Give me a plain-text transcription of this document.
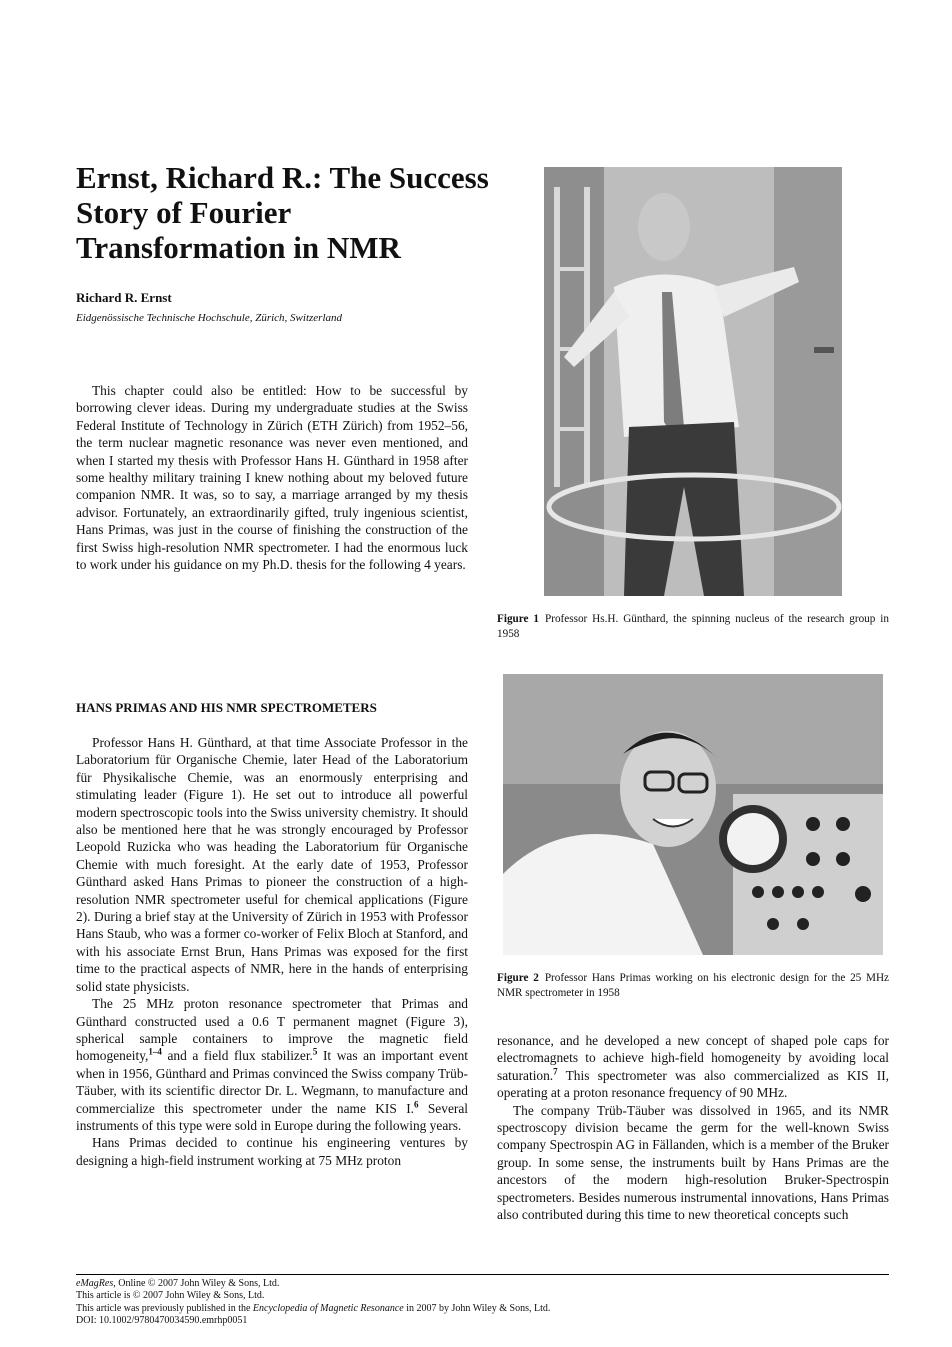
Ernst, Richard R.: The Success Story of Fourier Transformation in NMR
Richard R. Ernst
Eidgenössische Technische Hochschule, Zürich, Switzerland

This chapter could also be entitled: How to be successful by borrowing clever ideas. During my undergraduate studies at the Swiss Federal Institute of Technology in Zürich (ETH Zürich) from 1952–56, the term nuclear magnetic resonance was never even mentioned, and when I started my thesis with Professor Hans H. Günthard in 1958 after some healthy military training I knew nothing about my beloved future companion NMR. It was, so to say, a marriage arranged by my thesis advisor. Fortunately, an extraordinarily gifted, truly ingenious scientist, Hans Primas, was just in the course of finishing the construction of the first Swiss high-resolution NMR spectrometer. I had the enormous luck to work under his guidance on my Ph.D. thesis for the following 4 years.

HANS PRIMAS AND HIS NMR SPECTROMETERS

Professor Hans H. Günthard, at that time Associate Professor in the Laboratorium für Organische Chemie, later Head of the Laboratorium für Physikalische Chemie, was an enormously enterprising and stimulating leader (Figure 1). He set out to introduce all powerful modern spectroscopic tools into the Swiss university chemistry. It should also be mentioned here that he was strongly encouraged by Professor Leopold Ruzicka who was heading the Laboratorium für Organische Chemie with much foresight. At the early date of 1953, Professor Günthard asked Hans Primas to pioneer the construction of a high-resolution NMR spectrometer useful for chemical applications (Figure 2). During a brief stay at the University of Zürich in 1953 with Professor Hans Staub, who was a former co-worker of Felix Bloch at Stanford, and with his associate Ernst Brun, Hans Primas was exposed for the first time to the practical aspects of NMR, here in the hands of enterprising solid state physicists.

The 25 MHz proton resonance spectrometer that Primas and Günthard constructed used a 0.6 T permanent magnet (Figure 3), spherical sample containers to improve the magnetic field homogeneity,$^{1-4}$ and a field flux stabilizer.$^5$ It was an important event when in 1956, Günthard and Primas convinced the Swiss company Trüb-Täuber, with its scientific director Dr. L. Wegmann, to manufacture and commercialize this spectrometer under the name KIS I.$^6$ Several instruments of this type were sold in Europe during the following years.

Hans Primas decided to continue his engineering ventures by designing a high-field instrument working at 75 MHz proton

resonance, and he developed a new concept of shaped pole caps for electromagnets to achieve high-field homogeneity by avoiding local saturation.$^7$ This spectrometer was also commercialized as KIS II, operating at a proton resonance frequency of 90 MHz.

The company Trüb-Täuber was dissolved in 1965, and its NMR spectroscopy division became the germ for the well-known Swiss company Spectrospin AG in Fällanden, which is a member of the Bruker group. In some sense, the instruments built by Hans Primas are the ancestors of the modern high-resolution Bruker-Spectrospin spectrometers. Besides numerous instrumental innovations, Hans Primas also contributed during this time to new theoretical concepts such

Figure 1 Professor Hs.H. Günthard, the spinning nucleus of the research group in 1958

Figure 2 Professor Hans Primas working on his electronic design for the 25 MHz NMR spectrometer in 1958

eMagRes, Online © 2007 John Wiley & Sons, Ltd.
This article is © 2007 John Wiley & Sons, Ltd.
This article was previously published in the Encyclopedia of Magnetic Resonance in 2007 by John Wiley & Sons, Ltd.
DOI: 10.1002/9780470034590.emrhp0051
